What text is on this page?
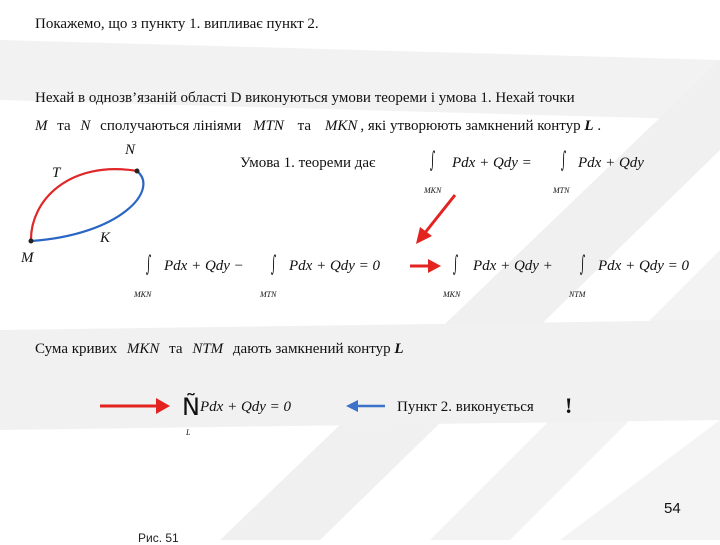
Покажемо, що з пункту 1. випливає пункт 2.
Нехай в однозв’язаній області D виконуються умови теореми і умова 1. Нехай точки
M та N сполучаються лініями MTN та MKN , які утворюють замкнений контур L .
N
T
K
M
Умова 1. теореми дає ∫
MKN
Pdx + Qdy = ∫
MTN
Pdx + Qdy
∫
MKN
Pdx + Qdy − ∫
MTN
Pdx + Qdy = 0	∫
MKN
Pdx + Qdy + ∫
NTM
Pdx + Qdy = 0
Сума кривих MKN та NTM дають замкнений контур L
Ñ
L
Pdx + Qdy = 0	Пункт 2. виконується !
54
Рис. 51
